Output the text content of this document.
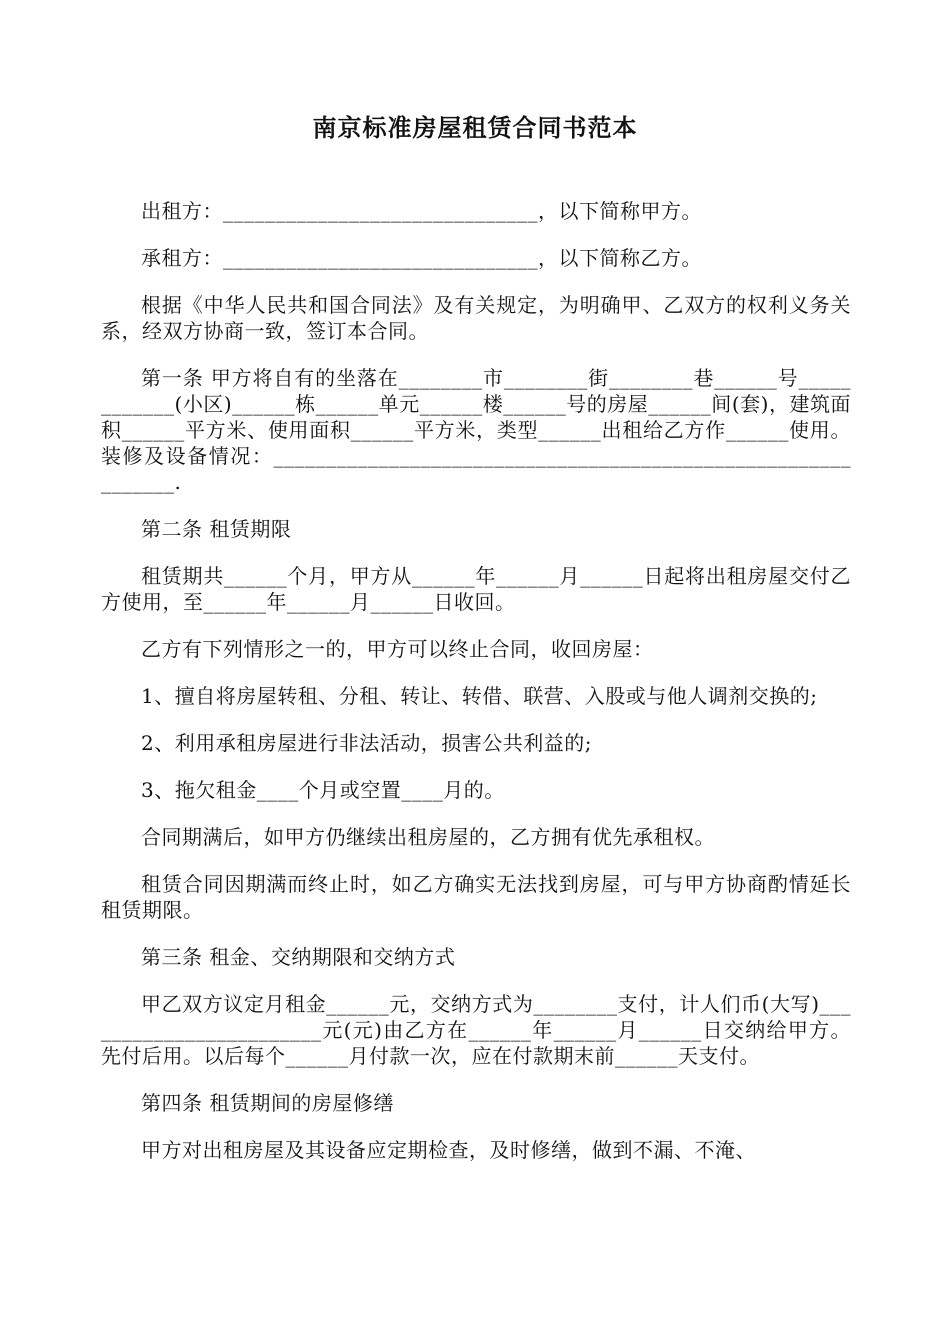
南京标准房屋租赁合同书范本

出租方：______________________________，以下简称甲方。

承租方：______________________________，以下简称乙方。

根据《中华人民共和国合同法》及有关规定，为明确甲、乙双方的权利义务关系，经双方协商一致，签订本合同。

第一条 甲方将自有的坐落在________市________街________巷______号____________(小区)______栋______单元______楼______号的房屋______间(套)，建筑面积______平方米、使用面积______平方米，类型______出租给乙方作______使用。装修及设备情况：______________________________________________________________.

第二条 租赁期限

租赁期共______个月，甲方从______年______月______日起将出租房屋交付乙方使用，至______年______月______日收回。

乙方有下列情形之一的，甲方可以终止合同，收回房屋：

1、擅自将房屋转租、分租、转让、转借、联营、入股或与他人调剂交换的;

2、利用承租房屋进行非法活动，损害公共利益的;

3、拖欠租金____个月或空置____月的。

合同期满后，如甲方仍继续出租房屋的，乙方拥有优先承租权。

租赁合同因期满而终止时，如乙方确实无法找到房屋，可与甲方协商酌情延长租赁期限。

第三条 租金、交纳期限和交纳方式

甲乙双方议定月租金______元，交纳方式为________支付，计人们币(大写)________________________元(元)由乙方在______年______月______日交纳给甲方。先付后用。以后每个______月付款一次，应在付款期末前______天支付。

第四条 租赁期间的房屋修缮

甲方对出租房屋及其设备应定期检查，及时修缮，做到不漏、不淹、
